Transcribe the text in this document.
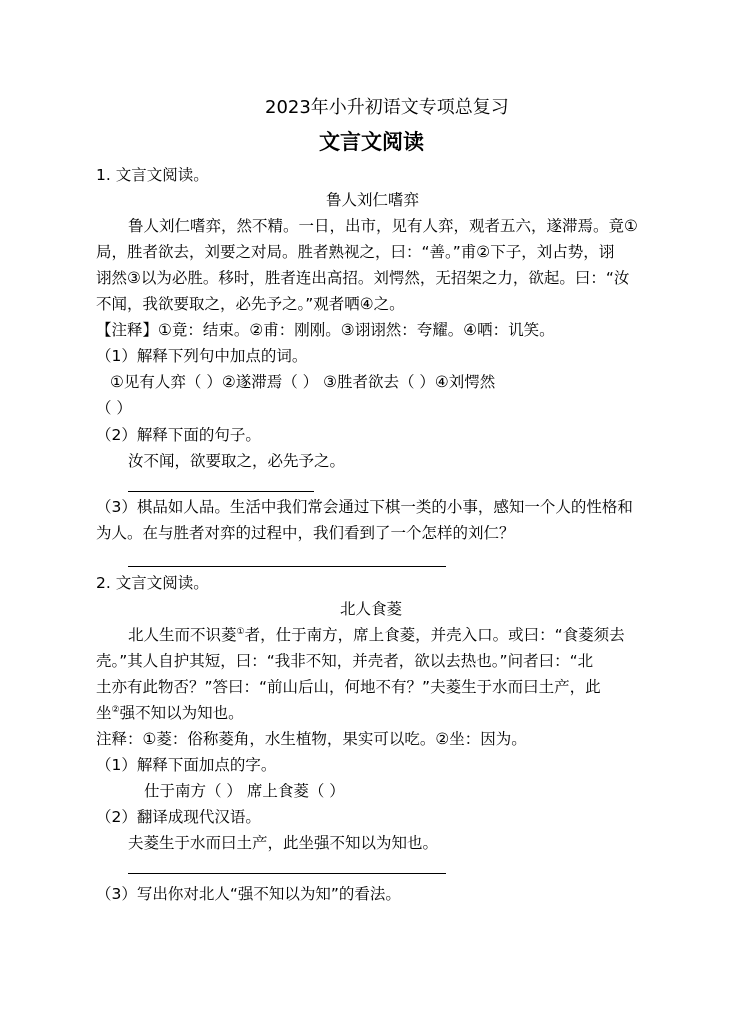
2023年小升初语文专项总复习
文言文阅读
1. 文言文阅读。
鲁人刘仁嗜弈
鲁人刘仁嗜弈，然不精。一日，出市，见有人弈，观者五六，遂滞焉。竟①
局，胜者欲去，刘要之对局。胜者熟视之，曰：“善。”甫②下子，刘占势，诩
诩然③以为必胜。移时，胜者连出高招。刘愕然，无招架之力，欲起。曰：“汝
不闻，我欲要取之，必先予之。”观者哂④之。
【注释】①竟：结束。②甫：刚刚。③诩诩然：夸耀。④哂：讥笑。
（1）解释下列句中加点的词。
①见有人弈（ ）②遂滞焉（ ） ③胜者欲去（ ）④刘愕然
（ ）
（2）解释下面的句子。
汝不闻，欲要取之，必先予之。
（3）棋品如人品。生活中我们常会通过下棋一类的小事，感知一个人的性格和
为人。在与胜者对弈的过程中，我们看到了一个怎样的刘仁？
2. 文言文阅读。
北人食菱
北人生而不识菱①者，仕于南方，席上食菱，并壳入口。或曰：“食菱须去
壳。”其人自护其短，曰：“我非不知，并壳者，欲以去热也。”问者曰：“北
土亦有此物否？”答曰：“前山后山，何地不有？”夫菱生于水而曰土产，此
坐②强不知以为知也。
注释：①菱：俗称菱角，水生植物，果实可以吃。②坐：因为。
（1）解释下面加点的字。
仕于南方（ ） 席上食菱（ ）
（2）翻译成现代汉语。
夫菱生于水而曰土产，此坐强不知以为知也。
（3）写出你对北人“强不知以为知”的看法。
